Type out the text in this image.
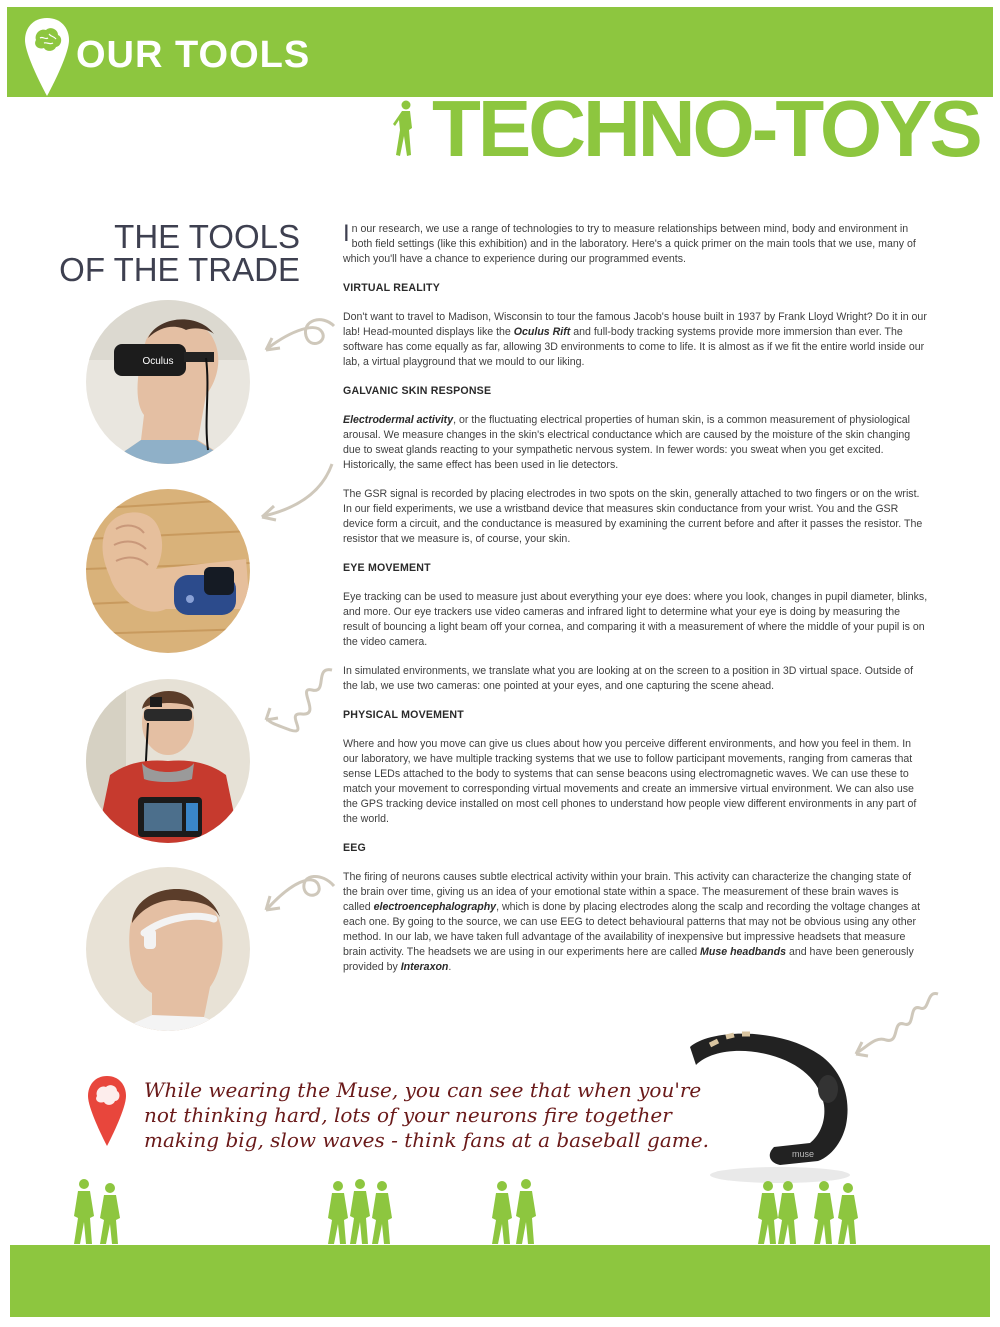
OUR TOOLS
TECHNO-TOYS
THE TOOLS
OF THE TRADE
Oculus

In our research, we use a range of technologies to try to measure relationships between mind, body and environment in both field settings (like this exhibition) and in the laboratory. Here's a quick primer on the main tools that we use, many of which you'll have a chance to experience during our programmed events.

VIRTUAL REALITY

Don't want to travel to Madison, Wisconsin to tour the famous Jacob's house built in 1937 by Frank Lloyd Wright? Do it in our lab! Head-mounted displays like the Oculus Rift and full-body tracking systems provide more immersion than ever. The software has come equally as far, allowing 3D environments to come to life. It is almost as if we fit the entire world inside our lab, a virtual playground that we mould to our liking.

GALVANIC SKIN RESPONSE

Electrodermal activity, or the fluctuating electrical properties of human skin, is a common measurement of physiological arousal. We measure changes in the skin's electrical conductance which are caused by the moisture of the skin changing due to sweat glands reacting to your sympathetic nervous system. In fewer words: you sweat when you get excited. Historically, the same effect has been used in lie detectors.

The GSR signal is recorded by placing electrodes in two spots on the skin, generally attached to two fingers or on the wrist. In our field experiments, we use a wristband device that measures skin conductance from your wrist. You and the GSR device form a circuit, and the conductance is measured by examining the current before and after it passes the resistor. The resistor that we measure is, of course, your skin.

EYE MOVEMENT

Eye tracking can be used to measure just about everything your eye does: where you look, changes in pupil diameter, blinks, and more. Our eye trackers use video cameras and infrared light to determine what your eye is doing by measuring the result of bouncing a light beam off your cornea, and comparing it with a measurement of where the middle of your pupil is on the video camera.

In simulated environments, we translate what you are looking at on the screen to a position in 3D virtual space. Outside of the lab, we use two cameras: one pointed at your eyes, and one capturing the scene ahead.

PHYSICAL MOVEMENT

Where and how you move can give us clues about how you perceive different environments, and how you feel in them. In our laboratory, we have multiple tracking systems that we use to follow participant movements, ranging from cameras that sense LEDs attached to the body to systems that can sense beacons using electromagnetic waves. We can use these to match your movement to corresponding virtual movements and create an immersive virtual environment. We can also use the GPS tracking device installed on most cell phones to understand how people view different environments in any part of the world.

EEG

The firing of neurons causes subtle electrical activity within your brain. This activity can characterize the changing state of the brain over time, giving us an idea of your emotional state within a space. The measurement of these brain waves is called electroencephalography, which is done by placing electrodes along the scalp and recording the voltage changes at each one. By going to the source, we can use EEG to detect behavioural patterns that may not be obvious using any other method. In our lab, we have taken full advantage of the availability of inexpensive but impressive headsets that measure brain activity. The headsets we are using in our experiments here are called Muse headbands and have been generously provided by Interaxon.

While wearing the Muse, you can see that when you're not thinking hard, lots of your neurons fire together making big, slow waves - think fans at a baseball game.
muse
